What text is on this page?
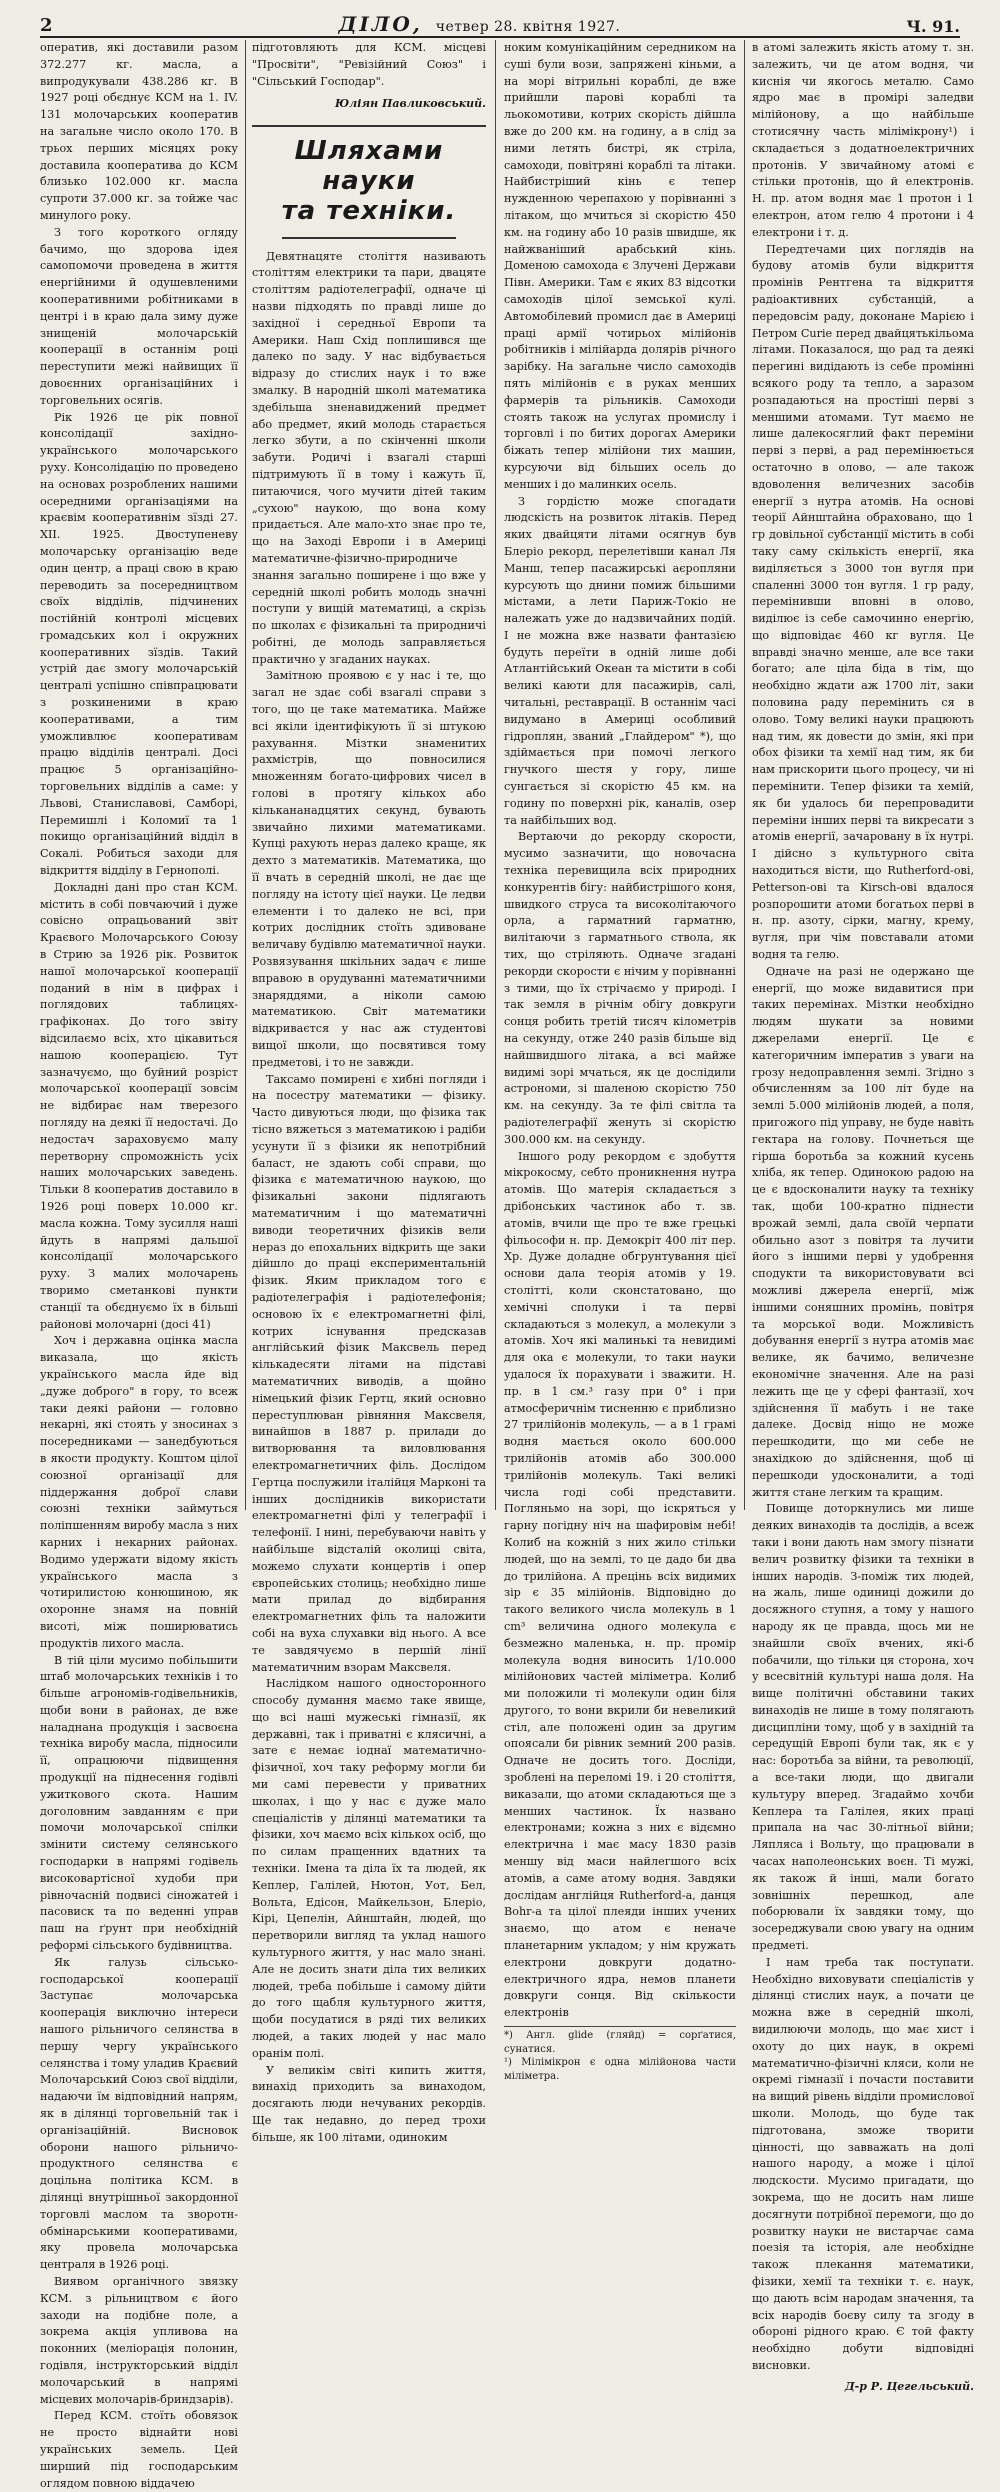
2	ДІЛО, четвер 28. квітня 1927.	Ч. 91.

оператив, які доставили разом 372.277 кг. масла, а випродукували 438.286 кг. В 1927 році обєднує КСМ на 1. IV. 131 молочарських кооператив на загальне число около 170. В трьох перших місяцях року доставила кооператива до КСМ близько 102.000 кг. масла супроти 37.000 кг. за тойже час минулого року.

З того короткого огляду бачимо, що здорова ідея самопомочи проведена в життя енергійними й одушевленими кооперативними робітниками в центрі і в краю дала зиму дуже знищеній молочарській кооперації в останнім році переступити межі найвищих її довоєнних організаційних і торговельних осягів.

Рік 1926 це рік повної консолідації західно-українського молочарського руху. Консолідацію по проведено на основах розроблених нашими осередними організаціями на краєвім кооперативнім зїзді 27. XII. 1925. Двоступеневу молочарську організацію веде один центр, а праці свою в краю переводить за посередництвом своїх відділів, підчинених постійній контролі місцевих громадських кол і окружних кооперативних зїздів. Такий устрій дає змогу молочарській централі успішно співпрацювати з розкиненими в краю кооперативами, а тим уможливлює кооперативам працю відділів централі. Досі працює 5 організаційно-торговельних відділів а саме: у Львові, Станиславові, Самборі, Перемишлі і Коломиї та 1 покищо організаційний відділ в Сокалі. Робиться заходи для відкриття відділу в Гернополі.

Докладні дані про стан КСМ. містить в собі повчаючий і дуже совісно опрацьований звіт Краєвого Молочарського Союзу в Стрию за 1926 рік. Розвиток нашої молочарської кооперації поданий в нім в цифрах і поглядових таблицях-графіконах. До того звіту відсилаємо всіх, хто цікавиться нашою кооперацією. Тут зазначуємо, що буйний розріст молочарської кооперації зовсім не відбирає нам тверезого погляду на деякі її недостачі. До недостач зараховуємо малу перетворну спроможність усіх наших молочарських заведень. Тільки 8 кооператив доставило в 1926 році поверх 10.000 кг. масла кожна. Тому зусилля наші йдуть в напрямі дальшої консолідації молочарського руху. З малих молочарень творимо сметанкові пункти станції та обєднуємо їх в більші районові молочарні (досі 41)

Хоч і державна оцінка масла виказала, що якість українського масла йде від „дуже доброго" в гору, то всеж таки деякі райони — головно некарні, які стоять у зносинах з посередниками — занедбуються в якости продукту. Коштом цілої союзної організації для піддержання доброї слави союзні техніки займуться поліпшенням виробу масла з них карних і некарних районах. Водимо удержати відому якість українського масла з чотирилистою конюшиною, як охоронне знамя на повній висоті, між поширюватись продуктів лихого масла.

В тій ціли мусимо побільшити штаб молочарських техніків і то більше агрономів-годівельників, щоби вони в районах, де вже наладнана продукція і засвоєна техніка виробу масла, підносили її, опрацюючи підвищення продукції на піднесення годівлі ужиткового скота. Нашим доголовним завданням є при помочи молочарської спілки змінити систему селянського господарки в напрямі годівель високовартісної худоби при рівночасній подвисі сіножатей і пасовиск та по веденні управ паш на ґрунт при необхідній реформі сільського будівництва.

Як галузь сільсько-господарської кооперації Заступає молочарська кооперація виключно інтереси нашого рільничого селянства в першу чергу українського селянства і тому уладив Краєвий Молочарський Союз свої відділи, надаючи їм відповідний напрям, як в ділянці торговельній так і організаційній. Висновок оборони нашого рільничо-продуктного селянства є доцільна політика КСМ. в ділянці внутрішньої закордонної торговлі маслом та зворотн-обмінарськими кооперативами, яку провела молочарська централя в 1926 році.

Виявом органічного звязку КСМ. з рільництвом є його заходи на подібне поле, а зокрема акція упливова на поконних (меліорація полонин, годівля, інструкторський відділ молочарський в напрямі місцевих молочарів-бриндзарів).

Перед КСМ. стоїть обовязок не просто віднайти нові українських земель. Цей ширший під господарським оглядом повною віддачею

підготовляють для КСМ. місцеві "Просвіти", "Ревізійний Союз" і "Сільський Господар".

Юліян Павликовський.
Шляхами науки
та техніки.

Девятнацяте століття називають століттям електрики та пари, двацяте століттям радіотелеграфії, одначе ці назви підходять по правді лише до західної і середньої Европи та Америки. Наш Схід поплишився ще далеко по заду. У нас відбувається відразу до стислих наук і то вже змалку. В народній школі математика здебільша зненавиджений предмет або предмет, який молодь старається легко збути, а по скінченні школи забути. Родичі і взагалі старші підтримують її в тому і кажуть її, питаючися, чого мучити дітей таким „сухою" наукою, що вона кому придається. Але мало-хто знає про те, що на Заході Европи і в Америці математичне-фізично-природниче знання загально поширене і що вже у середній школі робить молодь значні поступи у вищій математиці, а скрізь по школах є фізикальні та природничі робітні, де молодь заправляється практично у згаданих науках.

Замітною проявою є у нас і те, що загал не здає собі взагалі справи з того, що це таке математика. Майже всі якіли ідентифікують її зі штукою рахування. Мізтки знаменитих рахмістрів, що повносилися множенням богато-цифрових чисел в голові в протягу кількох або кількананадцятих секунд, бувають звичайно лихими математиками. Купці рахують нераз далеко краще, як дехто з математиків. Математика, що її вчать в середній школі, не дає ще погляду на істоту цієї науки. Це ледви елементи і то далеко не всі, при котрих дослідник стоїть здивоване величаву будівлю математичної науки. Розвязування шкільних задач є лише вправою в орудуванні математичними знаряддями, а ніколи самою математикою. Світ математики відкриваєтся у нас аж студентові вищої школи, що посвятився тому предметові, і то не завжди.

Таксамо помирені є хибні погляди і на посестру математики — фізику. Часто дивуються люди, що фізика так тісно вяжеться з математикою і радіби усунути її з фізики як непотрібний баласт, не здають собі справи, що фізика є математичною наукою, що фізикальні закони підлягають математичним і що математичні виводи теоретичних фізиків вели нераз до епохальних відкрить ще заки дійшло до праці експериментальній фізик. Яким прикладом того є радіотелеграфія і радіотелефонія; основою їх є електромагнетні філі, котрих існування предсказав англійський фізик Максвель перед кількадесяти літами на підставі математичних виводів, а щойно німецький фізик Гертц, який основно переступлюван рівняння Максвеля, винайшов в 1887 р. прилади до витворювання та виловлювання електромагнетичних філь. Дослідом Гертца послужили італійця Марконі та інших дослідників використати електромагнетні філі у телеграфії і телефонії. І нині, перебуваючи навіть у найбільше відсталій околиці світа, можемо слухати концертів і опер європейських столиць; необхідно лише мати прилад до відбирання електромагнетних філь та наложити собі на вуха слухавки від нього. А все те завдячуємо в першій лінії математичним взорам Максвеля.

Наслідком нашого односторонного способу думання маємо таке явище, що всі наші мужеські гімназії, як державні, так і приватні є клясичні, а зате є немає іоднаї математично-фізичної, хоч таку реформу могли би ми самі перевести у приватних школах, і що у нас є дуже мало спеціалістів у ділянці математики та фізики, хоч маємо всіх кількох осіб, що по силам пращенних вдатних та техніки. Імена та діла їх та людей, як Кеплер, Галілей, Нютон, Уот, Бел, Вольта, Едісон, Майкельзон, Блеріо, Кірі, Цепелін, Айнштайн, людей, що перетворили вигляд та уклад нашого культурного життя, у нас мало знані. Але не досить знати діла тих великих людей, треба побільше і самому дійти до того щабля культурного життя, щоби посудатися в ряді тих великих людей, а таких людей у нас мало оранім полі.

У великім світі кипить життя, винахід приходить за винаходом, досягають люди нечуваних рекордів. Ще так недавно, до перед трохи більше, як 100 літами, одиноким

ноким комунікаційним середником на суші були вози, запряжені кіньми, а на морі вітрильні кораблі, де вже прийшли парові кораблі та льокомотиви, котрих скорість дійшла вже до 200 км. на годину, а в слід за ними летять бистрі, як стріла, самоходи, повітряні кораблі та літаки. Найбистріший кінь є тепер нужденною черепахою у порівнанні з літаком, що мчиться зі скорістю 450 км. на годину або 10 разів швидше, як найжваніший арабський кінь. Доменою самохода є Злучені Держави Півн. Америки. Там є яких 83 відсотки самоходів цілої земської кулі. Автомобілевий промисл дає в Америці праці армії чотирьох мілійонів робітників і мілійарда долярів річного зарібку. На загальне число самоходів пять мілійонів є в руках менших фармерів та рільників. Самоходи стоять також на услугах промислу і торговлі і по битих дорогах Америки біжать тепер мілійони тих машин, курсуючи від більших осель до менших і до малинких осель.

З гордістю може спогадати людскість на розвиток літаків. Перед яких двайцяти літами осягнув був Блеріо рекорд, перелетівши канал Ля Манш, тепер пасажирські аєропляни курсують що днини помиж більшими містами, а лети Париж-Токіо не належать уже до надзвичайних подій. І не можна вже назвати фантазією будуть переїти в одній лише добі Атлантійський Океан та містити в собі великі каюти для пасажирів, салі, читальні, реставрації. В останнім часі видумано в Америці особливий гідроплян, званий „Глайдером" *), що здіймається при помочі легкого гнучкого шестя у гору, лише сунгається зі скорістю 45 км. на годину по поверхні рік, каналів, озер та найбільших вод.

Вертаючи до рекорду скорости, мусимо зазначити, що новочасна техніка перевищила всіх природних конкурентів бігу: найбистрішого коня, швидкого струса та високолітаючого орла, а гарматний гарматню, вилітаючи з гарматнього ствола, як тих, що стріляють. Одначе згадані рекорди скорости є нічим у порівнанні з тими, що їх стрічаємо у природі. І так земля в річнім обігу довкруги сонця робить третій тисяч кілометрів на секунду, отже 240 разів більше від найшвидшого літака, а всі майже видимі зорі мчаться, як це дослідили астрономи, зі шаленою скорістю 750 км. на секунду. За те філі світла та радіотелеграфії женуть зі скорістю 300.000 км. на секунду.

Іншого роду рекордом є здобуття мікрокосму, себто проникнення нутра атомів. Що матерія складається з дрібонських частинок або т. зв. атомів, вчили ще про те вже грецькі фільософи н. пр. Демокріт 400 літ пер. Хр. Дуже доладне обгрунтування цієї основи дала теорія атомів у 19. столітті, коли сконстатовано, що хемічні сполуки і та перві складаються з молекул, а молекули з атомів. Хоч які малинькі та невидимі для ока є молекули, то таки науки удалося їх порахувати і зважити. Н. пр. в 1 см.³ газу при 0° і при атмосферичнім тисненню є приблизно 27 трилійонів молекуль, — а в 1 грамі водня мається около 600.000 трилійонів атомів або 300.000 трилійонів молекуль. Такі великі числа годі собі представити. Погляньмо на зорі, що іскряться у гарну погідну ніч на шафировім небі! Колиб на кожній з них жило стільки людей, що на землі, то це дадо би два до трилійона. А прецінь всіх видимих зір є 35 мілійонів. Відповідно до такого великого числа молекуль в 1 cm³ величина одного молекула є безмежно маленька, н. пр. промір молекула водня виносить 1/10.000 мілійонових частей міліметра. Колиб ми положили ті молекули один біля другого, то вони вкрили би невеликий стіл, але положені один за другим опоясали би рівник земний 200 разів. Одначе не досить того. Досліди, зроблені на переломі 19. і 20 століття, виказали, що атоми складаються ще з менших частинок. Їх названо електронами; кожна з них є відємно електрична і має масу 1830 разів меншу від маси найлегшого всіх атомів, а саме атому водня. Завдяки дослідам англійця Rutherford-а, данця Bohr-а та цілої плеяди інших учених знаємо, що атом є неначе планетарним укладом; у нім кружать електрони довкруги додатно-електричного ядра, немов планети довкруги сонця. Від скількости електронів

*) Англ. glide (гляйд) = сорґатися, сунатися.
¹) Мілімікрон є одна мілійонова части міліметра.

в атомі залежить якість атому т. зн. залежить, чи це атом водня, чи киснія чи якогось металю. Само ядро має в промірі заледви мілійонову, а що найбільше стотисячну часть мілімікрону¹) і складається з додатноелектричних протонів. У звичайному атомі є стільки протонів, що й електронів. Н. пр. атом водня має 1 протон і 1 електрон, атом гелю 4 протони і 4 електрони і т. д.

Передтечами цих поглядів на будову атомів були відкриття промінів Рентгена та відкриття радіоактивних субстанцій, а передовсім раду, доконане Марією і Петром Curie перед двайцятькільома літами. Показалося, що рад та деякі перегині видідають із себе промінні всякого роду та тепло, а заразом розпадаються на простіші перві з меншими атомами. Тут маємо не лише далекосяглий факт переміни перві з перві, а рад перемінюється остаточно в олово, — але також вдоволення величезних засобів енергії з нутра атомів. На основі теорії Айнштайна обраховано, що 1 гр довільної субстанції містить в собі таку саму скількість енергії, яка виділяється з 3000 тон вугля при спаленні 3000 тон вугля. 1 гр раду, перемінивши вповні в олово, виділює із себе самочинно енергію, що відповідає 460 кг вугля. Це вправді значно менше, але все таки богато; але ціла біда в тім, що необхідно ждати аж 1700 літ, заки половина раду перемінить ся в олово. Тому великі науки працюють над тим, як довести до змін, які при обох фізики та хемії над тим, як би нам прискорити цього процесу, чи ні перемінити. Тепер фізики та хемій, як би удалось би перепровадити переміни інших перві та викресати з атомів енергії, зачаровану в їх нутрі. І дійсно з культурного світа находиться вісти, що Rutherford-ові, Petterson-ові та Kirsch-ові вдалося розпорошити атоми богатьох перві в н. пр. азоту, сірки, магну, крему, вугля, при чім повставали атоми водня та гелю.

Одначе на разі не одержано ще енергії, що може видавитися при таких перемінах. Мізтки необхідно людям шукати за новими джерелами енергії. Це є категоричним імператив з уваги на грозу недоправлення землі. Згідно з обчисленням за 100 літ буде на землі 5.000 мілійонів людей, а поля, пригожого під управу, не буде навіть гектара на голову. Почнеться ще гірша боротьба за кожний кусень хліба, як тепер. Одинокою радою на це є вдосконалити науку та техніку так, щоби 100-кратно піднести врожай землі, дала своїй черпати обильно азот з повітря та лучити його з іншими перві у удобрення сподукти та використовувати всі можливі джерела енергії, між іншими соняшних промінь, повітря та морської води. Можливість добування енергії з нутра атомів має велике, як бачимо, величезне економічне значення. Але на разі лежить ще це у сфері фантазії, хоч здійснення її мабуть і не таке далеке. Досвід ніщо не може перешкодити, що ми себе не знахідкою до здійснення, щоб ці перешкоди удосконалити, а тоді життя стане легким та кращим.

Повище доторкнулись ми лише деяких винаходів та дослідів, а всеж таки і вони дають нам змогу пізнати велич розвитку фізики та техніки в інших народів. З-поміж тих людей, на жаль, лише одиниці дожили до досяжного ступня, а тому у нашого народу як це правда, щось ми не знайшли своїх вчених, які-б побачили, що тільки ця сторона, хоч у всесвітній культурі наша доля. На вище політичні обставини таких винаходів не лише в тому полягають дисципліни тому, щоб у в західній та середущій Европі були так, як є у нас: боротьба за війни, та революції, а все-таки люди, що двигали культуру вперед. Згадаймо хочби Кеплера та Галілея, яких праці припала на час 30-літньої війни; Ляпляса і Вольту, що працювали в часах наполеонських воєн. Ті мужі, як також й інші, мали богато зовнішніх перешкод, але поборювали їх завдяки тому, що зосереджували свою увагу на одним предметі.

І нам треба так поступати. Необхідно виховувати спеціалістів у ділянці стислих наук, а почати це можна вже в середній школі, видилюючи молодь, що має хист і охоту до цих наук, в окремі математично-фізичні кляси, коли не окремі гімназії і почасти поставити на вищий рівень відділи промислової школи. Молодь, що буде так підготована, зможе творити цінності, що завважать на долі нашого народу, а може і цілої людскости. Мусимо пригадати, що зокрема, що не досить нам лише досягнути потрібної перемоги, що до розвитку науки не вистарчає сама поезія та історія, але необхідне також плекання математики, фізики, хемії та техніки т. є. наук, що дають всім народам значення, та всіх народів боєву силу та згоду в обороні рідного краю. Є той факту необхідно добути відповідні висновки.

Д-р Р. Цегельський.
